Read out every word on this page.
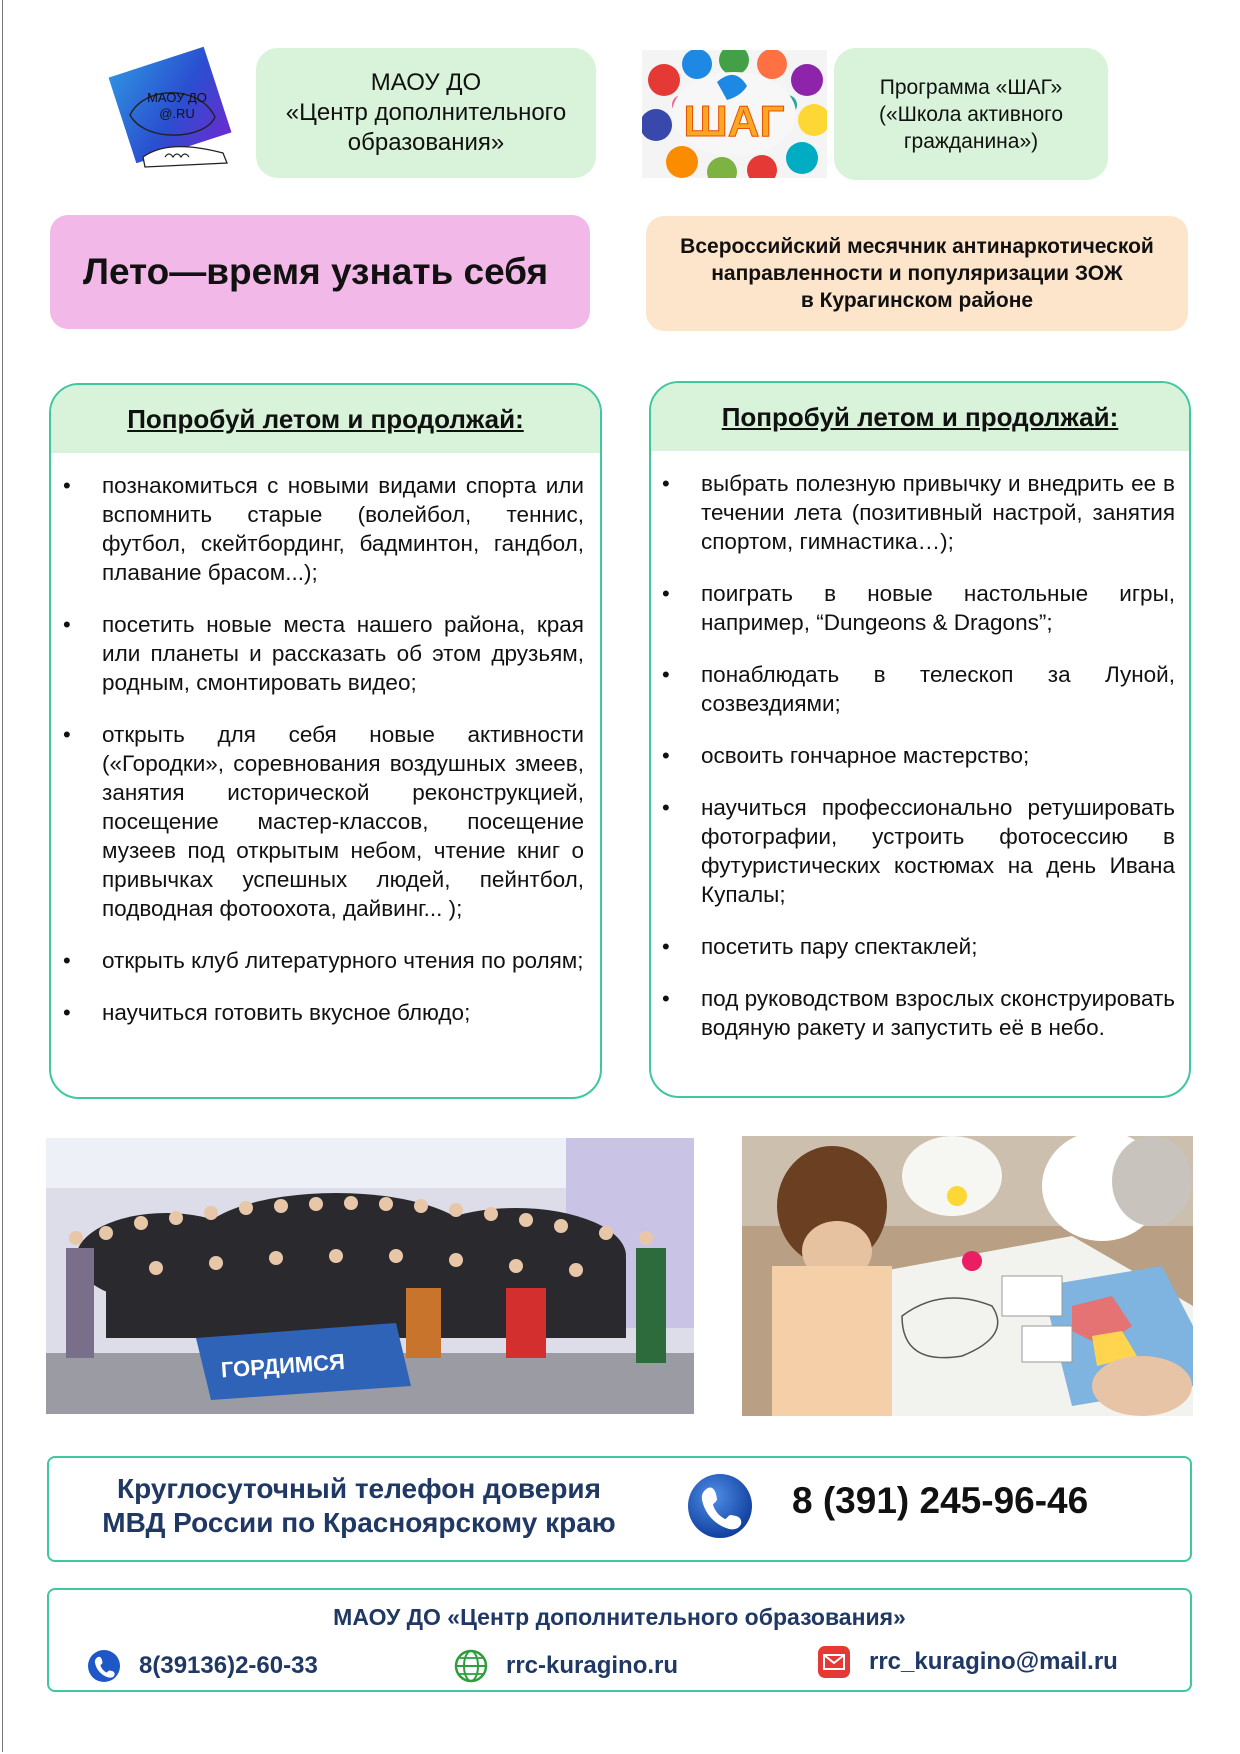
МАОУ ДО @.RU
МАОУ ДО
«Центр дополнительного
образования»	ШАГ
Программа «ШАГ»
(«Школа активного
гражданина»)
Лето—время узнать себя
Всероссийский месячник антинаркотической
направленности и популяризации ЗОЖ
в Курагинском районе
Попробуй летом и продолжай:
• познакомиться с новыми видами спорта или вспомнить старые (волейбол, теннис, футбол, скейтбординг, бадминтон, гандбол, плавание брасом...);
• посетить новые места нашего района, края или планеты и рассказать об этом друзьям, родным, смонтировать видео;
• открыть для себя новые активности («Городки», соревнования воздушных змеев, занятия исторической реконструкцией, посещение мастер-классов, посещение музеев под открытым небом, чтение книг о привычках успешных людей, пейнтбол, подводная фотоохота, дайвинг... );
• открыть клуб литературного чтения по ролям;
• научиться готовить вкусное блюдо;
Попробуй летом и продолжай:
• выбрать полезную привычку и внедрить ее в течении лета (позитивный настрой, занятия спортом, гимнастика…);
• поиграть в новые настольные игры, например, “Dungeons & Dragons”;
• понаблюдать в телескоп за Луной, созвездиями;
• освоить гончарное мастерство;
• научиться профессионально ретушировать фотографии, устроить фотосессию в футуристических костюмах на день Ивана Купалы;
• посетить пару спектаклей;
• под руководством взрослых сконструировать водяную ракету и запустить её в небо.
ГОРДИМСЯ
Круглосуточный телефон доверия
МВД России по Красноярскому краю
8 (391) 245-96-46
МАОУ ДО «Центр дополнительного образования»
8(39136)2-60-33	rrc-kuragino.ru	rrc_kuragino@mail.ru
